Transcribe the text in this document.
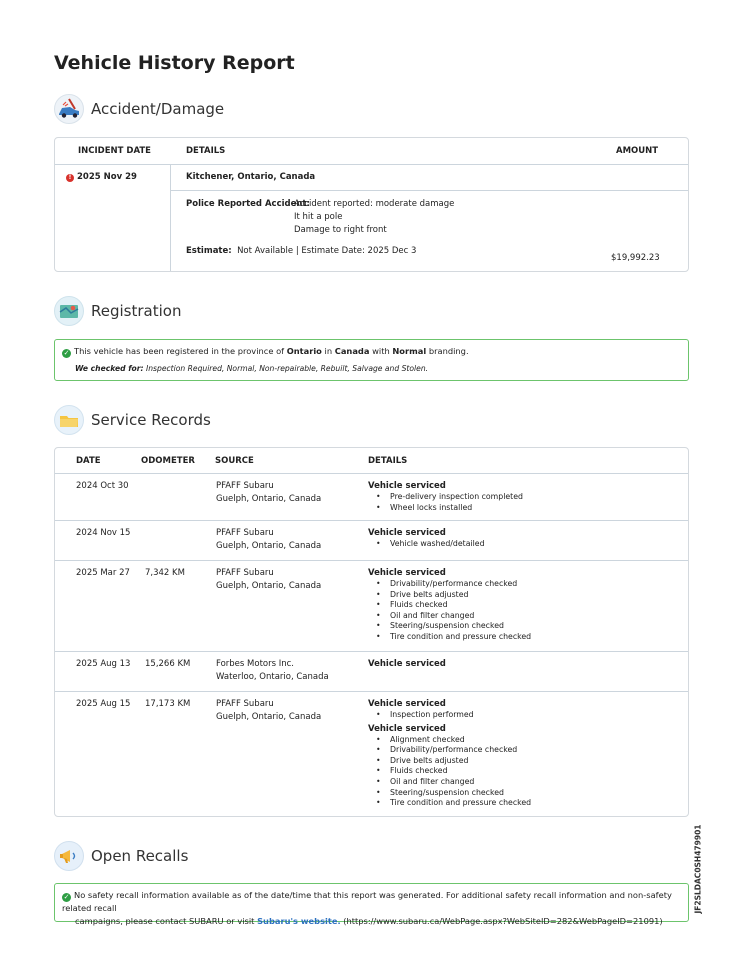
Vehicle History Report
Accident/Damage
INCIDENT DATE	DETAILS	AMOUNT
! 2025 Nov 29	Kitchener, Ontario, Canada
Police Reported Accident:
Accident reported: moderate damage
It hit a pole
Damage to right front
Estimate: Not Available | Estimate Date: 2025 Dec 3
$19,992.23
Registration
✓ This vehicle has been registered in the province of Ontario in Canada with Normal branding.
We checked for: Inspection Required, Normal, Non-repairable, Rebuilt, Salvage and Stolen.
Service Records
DATE	ODOMETER SOURCE	DETAILS
2024 Oct 30	PFAFF Subaru
Guelph, Ontario, Canada
Vehicle serviced
• Pre-delivery inspection completed
• Wheel locks installed
2024 Nov 15	PFAFF Subaru
Guelph, Ontario, Canada
Vehicle serviced
• Vehicle washed/detailed
2025 Mar 27 7,342 KM	PFAFF Subaru
Guelph, Ontario, Canada
Vehicle serviced
• Drivability/performance checked
• Drive belts adjusted
• Fluids checked
• Oil and filter changed
• Steering/suspension checked
• Tire condition and pressure checked
2025 Aug 13 15,266 KM	Forbes Motors Inc.
Waterloo, Ontario, Canada
Vehicle serviced
2025 Aug 15 17,173 KM	PFAFF Subaru
Guelph, Ontario, Canada
Vehicle serviced
• Inspection performed
Vehicle serviced
• Alignment checked
• Drivability/performance checked
• Drive belts adjusted
• Fluids checked
• Oil and filter changed
• Steering/suspension checked
• Tire condition and pressure checked
Open Recalls
✓ No safety recall information available as of the date/time that this report was generated. For additional safety recall information and non-safety related recall
campaigns, please contact SUBARU or visit Subaru's website. (https://www.subaru.ca/WebPage.aspx?WebSiteID=282&WebPageID=21091)
JF2SLDAC0SH479901
